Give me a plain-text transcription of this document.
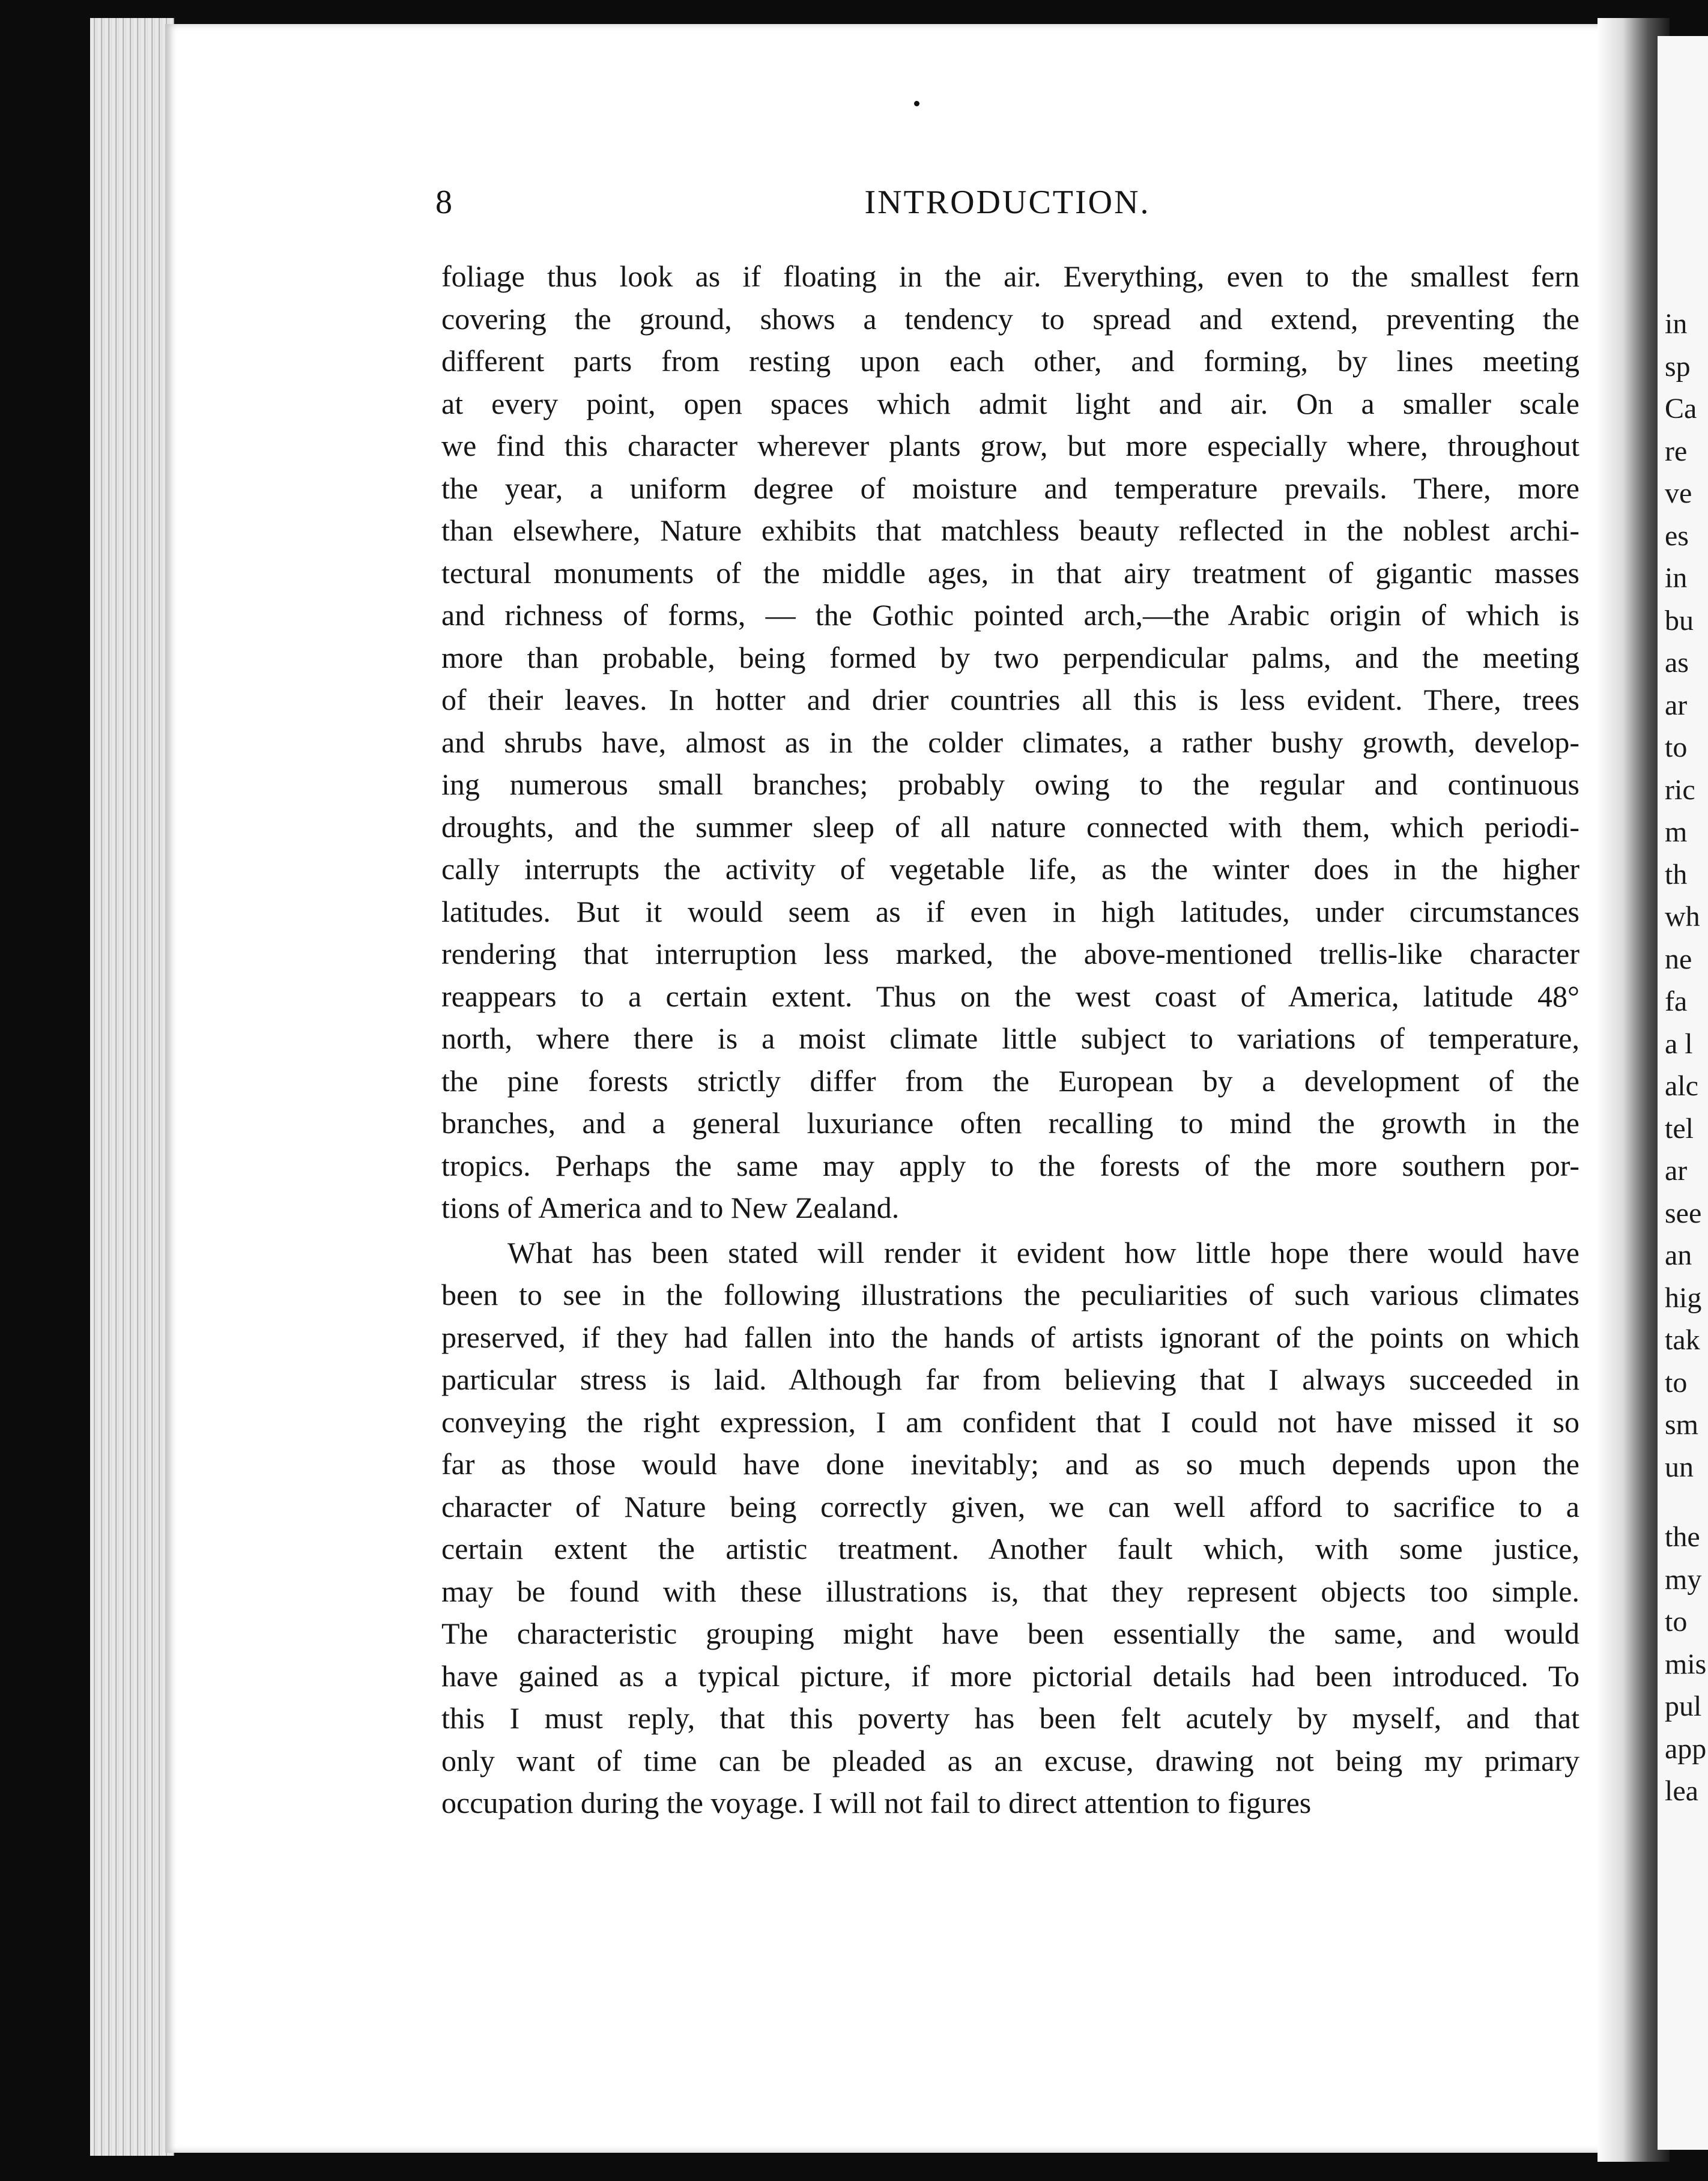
in
sp
Ca
re
ve
es
in
bu
as
ar
to
ric
m
th
wh
ne
fa
a l
alc
tel
ar
see
an
hig
tak
to
sm
un
the
my
to
mis
pul
app
lea
8	INTRODUCTION.
foliage thus look as if floating in the air. Everything, even to the smallest fern
covering the ground, shows a tendency to spread and extend, preventing the
different parts from resting upon each other, and forming, by lines meeting
at every point, open spaces which admit light and air. On a smaller scale
we find this character wherever plants grow, but more especially where, throughout
the year, a uniform degree of moisture and temperature prevails. There, more
than elsewhere, Nature exhibits that matchless beauty reflected in the noblest archi-
tectural monuments of the middle ages, in that airy treatment of gigantic masses
and richness of forms, — the Gothic pointed arch,—the Arabic origin of which is
more than probable, being formed by two perpendicular palms, and the meeting
of their leaves. In hotter and drier countries all this is less evident. There, trees
and shrubs have, almost as in the colder climates, a rather bushy growth, develop-
ing numerous small branches; probably owing to the regular and continuous
droughts, and the summer sleep of all nature connected with them, which periodi-
cally interrupts the activity of vegetable life, as the winter does in the higher
latitudes. But it would seem as if even in high latitudes, under circumstances
rendering that interruption less marked, the above-mentioned trellis-like character
reappears to a certain extent. Thus on the west coast of America, latitude 48°
north, where there is a moist climate little subject to variations of temperature,
the pine forests strictly differ from the European by a development of the
branches, and a general luxuriance often recalling to mind the growth in the
tropics. Perhaps the same may apply to the forests of the more southern por-
tions of America and to New Zealand.
What has been stated will render it evident how little hope there would have
been to see in the following illustrations the peculiarities of such various climates
preserved, if they had fallen into the hands of artists ignorant of the points on which
particular stress is laid. Although far from believing that I always succeeded in
conveying the right expression, I am confident that I could not have missed it so
far as those would have done inevitably; and as so much depends upon the
character of Nature being correctly given, we can well afford to sacrifice to a
certain extent the artistic treatment. Another fault which, with some justice,
may be found with these illustrations is, that they represent objects too simple.
The characteristic grouping might have been essentially the same, and would
have gained as a typical picture, if more pictorial details had been introduced. To
this I must reply, that this poverty has been felt acutely by myself, and that
only want of time can be pleaded as an excuse, drawing not being my primary
occupation during the voyage. I will not fail to direct attention to figures
